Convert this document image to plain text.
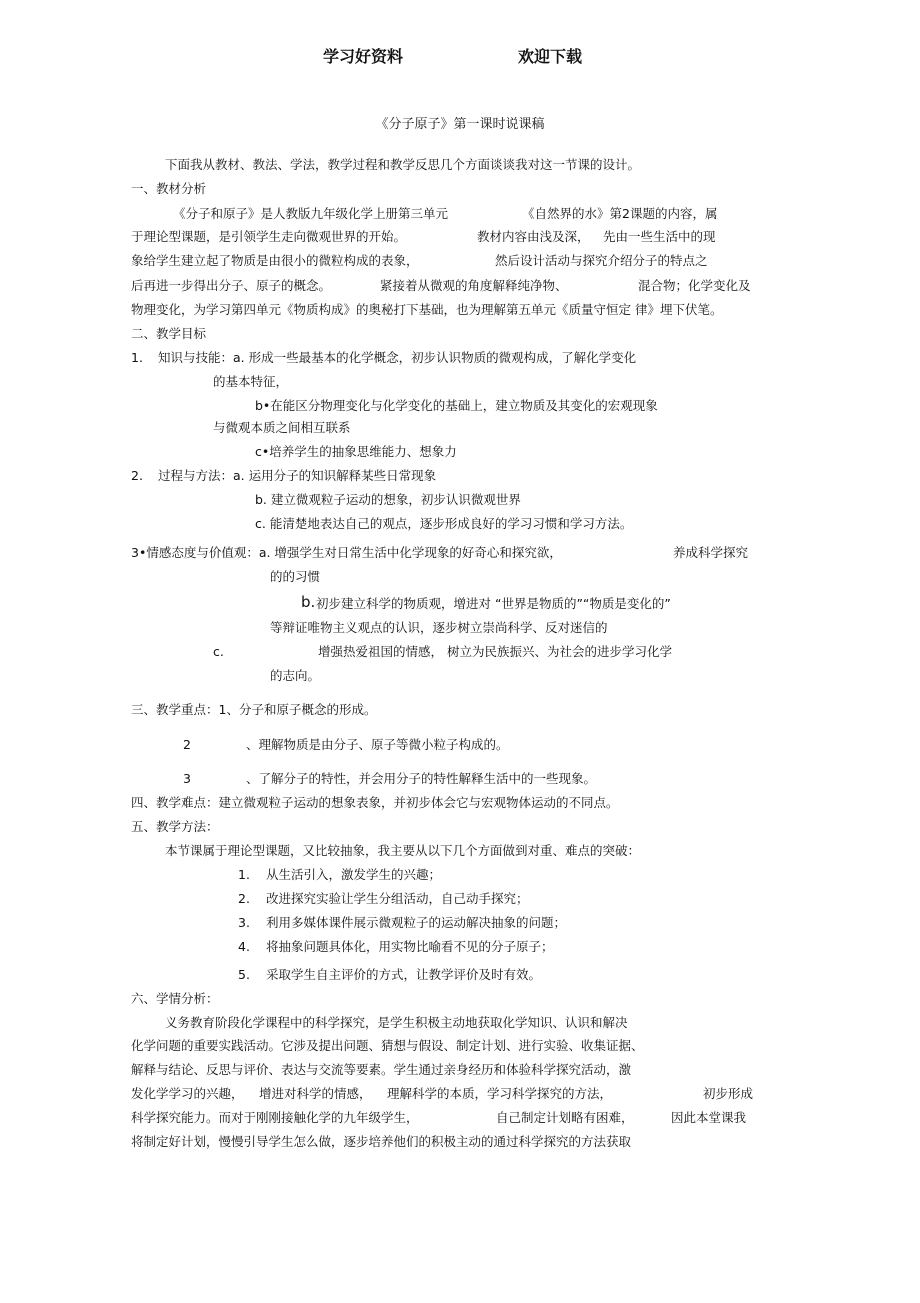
学习好资料	欢迎下载
《分子原子》第一课时说课稿
下面我从教材、教法、学法，教学过程和教学反思几个方面谈谈我对这一节课的设计。
一、教材分析
《分子和原子》是人教版九年级化学上册第三单元	《自然界的水》第2课题的内容，属
于理论型课题，是引领学生走向微观世界的开始。	教材内容由浅及深， 先由一些生活中的现
象给学生建立起了物质是由很小的微粒构成的表象，	然后设计活动与探究介绍分子的特点之
后再进一步得出分子、原子的概念。	紧接着从微观的角度解释纯净物、	混合物；化学变化及
物理变化，为学习第四单元《物质构成》的奥秘打下基础，也为理解第五单元《质量守恒定 律》埋下伏笔。
二、教学目标
1. 知识与技能：a. 形成一些最基本的化学概念，初步认识物质的微观构成，了解化学变化
的基本特征，
b•在能区分物理变化与化学变化的基础上，建立物质及其变化的宏观现象
与微观本质之间相互联系
c•培养学生的抽象思维能力、想象力
2. 过程与方法：a. 运用分子的知识解释某些日常现象
b. 建立微观粒子运动的想象，初步认识微观世界
c. 能清楚地表达自己的观点，逐步形成良好的学习习惯和学习方法。
3•情感态度与价值观：a. 增强学生对日常生活中化学现象的好奇心和探究欲，	养成科学探究
的的习惯
b. 初步建立科学的物质观，增进对 “世界是物质的”“物质是变化的”
等辩证唯物主义观点的认识，逐步树立崇尚科学、反对迷信的
c.	增强热爱祖国的情感， 树立为民族振兴、为社会的进步学习化学
的志向。
三、教学重点：1、分子和原子概念的形成。
2	、理解物质是由分子、原子等微小粒子构成的。
3	、了解分子的特性，并会用分子的特性解释生活中的一些现象。
四、教学难点：建立微观粒子运动的想象表象，并初步体会它与宏观物体运动的不同点。
五、教学方法：
本节课属于理论型课题，又比较抽象，我主要从以下几个方面做到对重、难点的突破：
1. 从生活引入，激发学生的兴趣；
2. 改进探究实验让学生分组活动，自己动手探究；
3. 利用多媒体课件展示微观粒子的运动解决抽象的问题；
4. 将抽象问题具体化，用实物比喻看不见的分子原子；
5. 采取学生自主评价的方式，让教学评价及时有效。
六、学情分析：
义务教育阶段化学课程中的科学探究，是学生积极主动地获取化学知识、认识和解决
化学问题的重要实践活动。它涉及提出问题、猜想与假设、制定计划、进行实验、收集证据、
解释与结论、反思与评价、表达与交流等要素。学生通过亲身经历和体验科学探究活动，激
发化学学习的兴趣， 增进对科学的情感， 理解科学的本质，学习科学探究的方法，	初步形成
科学探究能力。而对于刚刚接触化学的九年级学生，	自己制定计划略有困难，	因此本堂课我
将制定好计划，慢慢引导学生怎么做，逐步培养他们的积极主动的通过科学探究的方法获取
